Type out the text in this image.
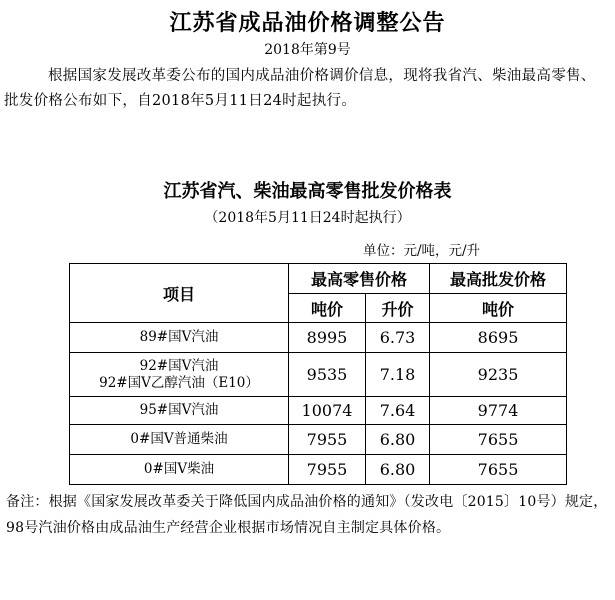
江苏省成品油价格调整公告
2018年第9号
根据国家发展改革委公布的国内成品油价格调价信息，现将我省汽、柴油最高零售、批发价格公布如下，自2018年5月11日24时起执行。
江苏省汽、柴油最高零售批发价格表
（2018年5月11日24时起执行）
单位：元/吨，元/升
项目	最高零售价格		最高批发价格
	吨价	升价	吨价
89#国Ⅴ汽油	8995	6.73	8695

92#国Ⅴ汽油
92#国Ⅴ乙醇汽油（E10）	9535	7.18	9235
95#国Ⅴ汽油	10074	7.64	9774
0#国Ⅴ普通柴油	7955	6.80	7655
0#国Ⅴ柴油	7955	6.80	7655
备注：根据《国家发展改革委关于降低国内成品油价格的通知》（发改电〔2015〕10号）规定，98号汽油价格由成品油生产经营企业根据市场情况自主制定具体价格。
